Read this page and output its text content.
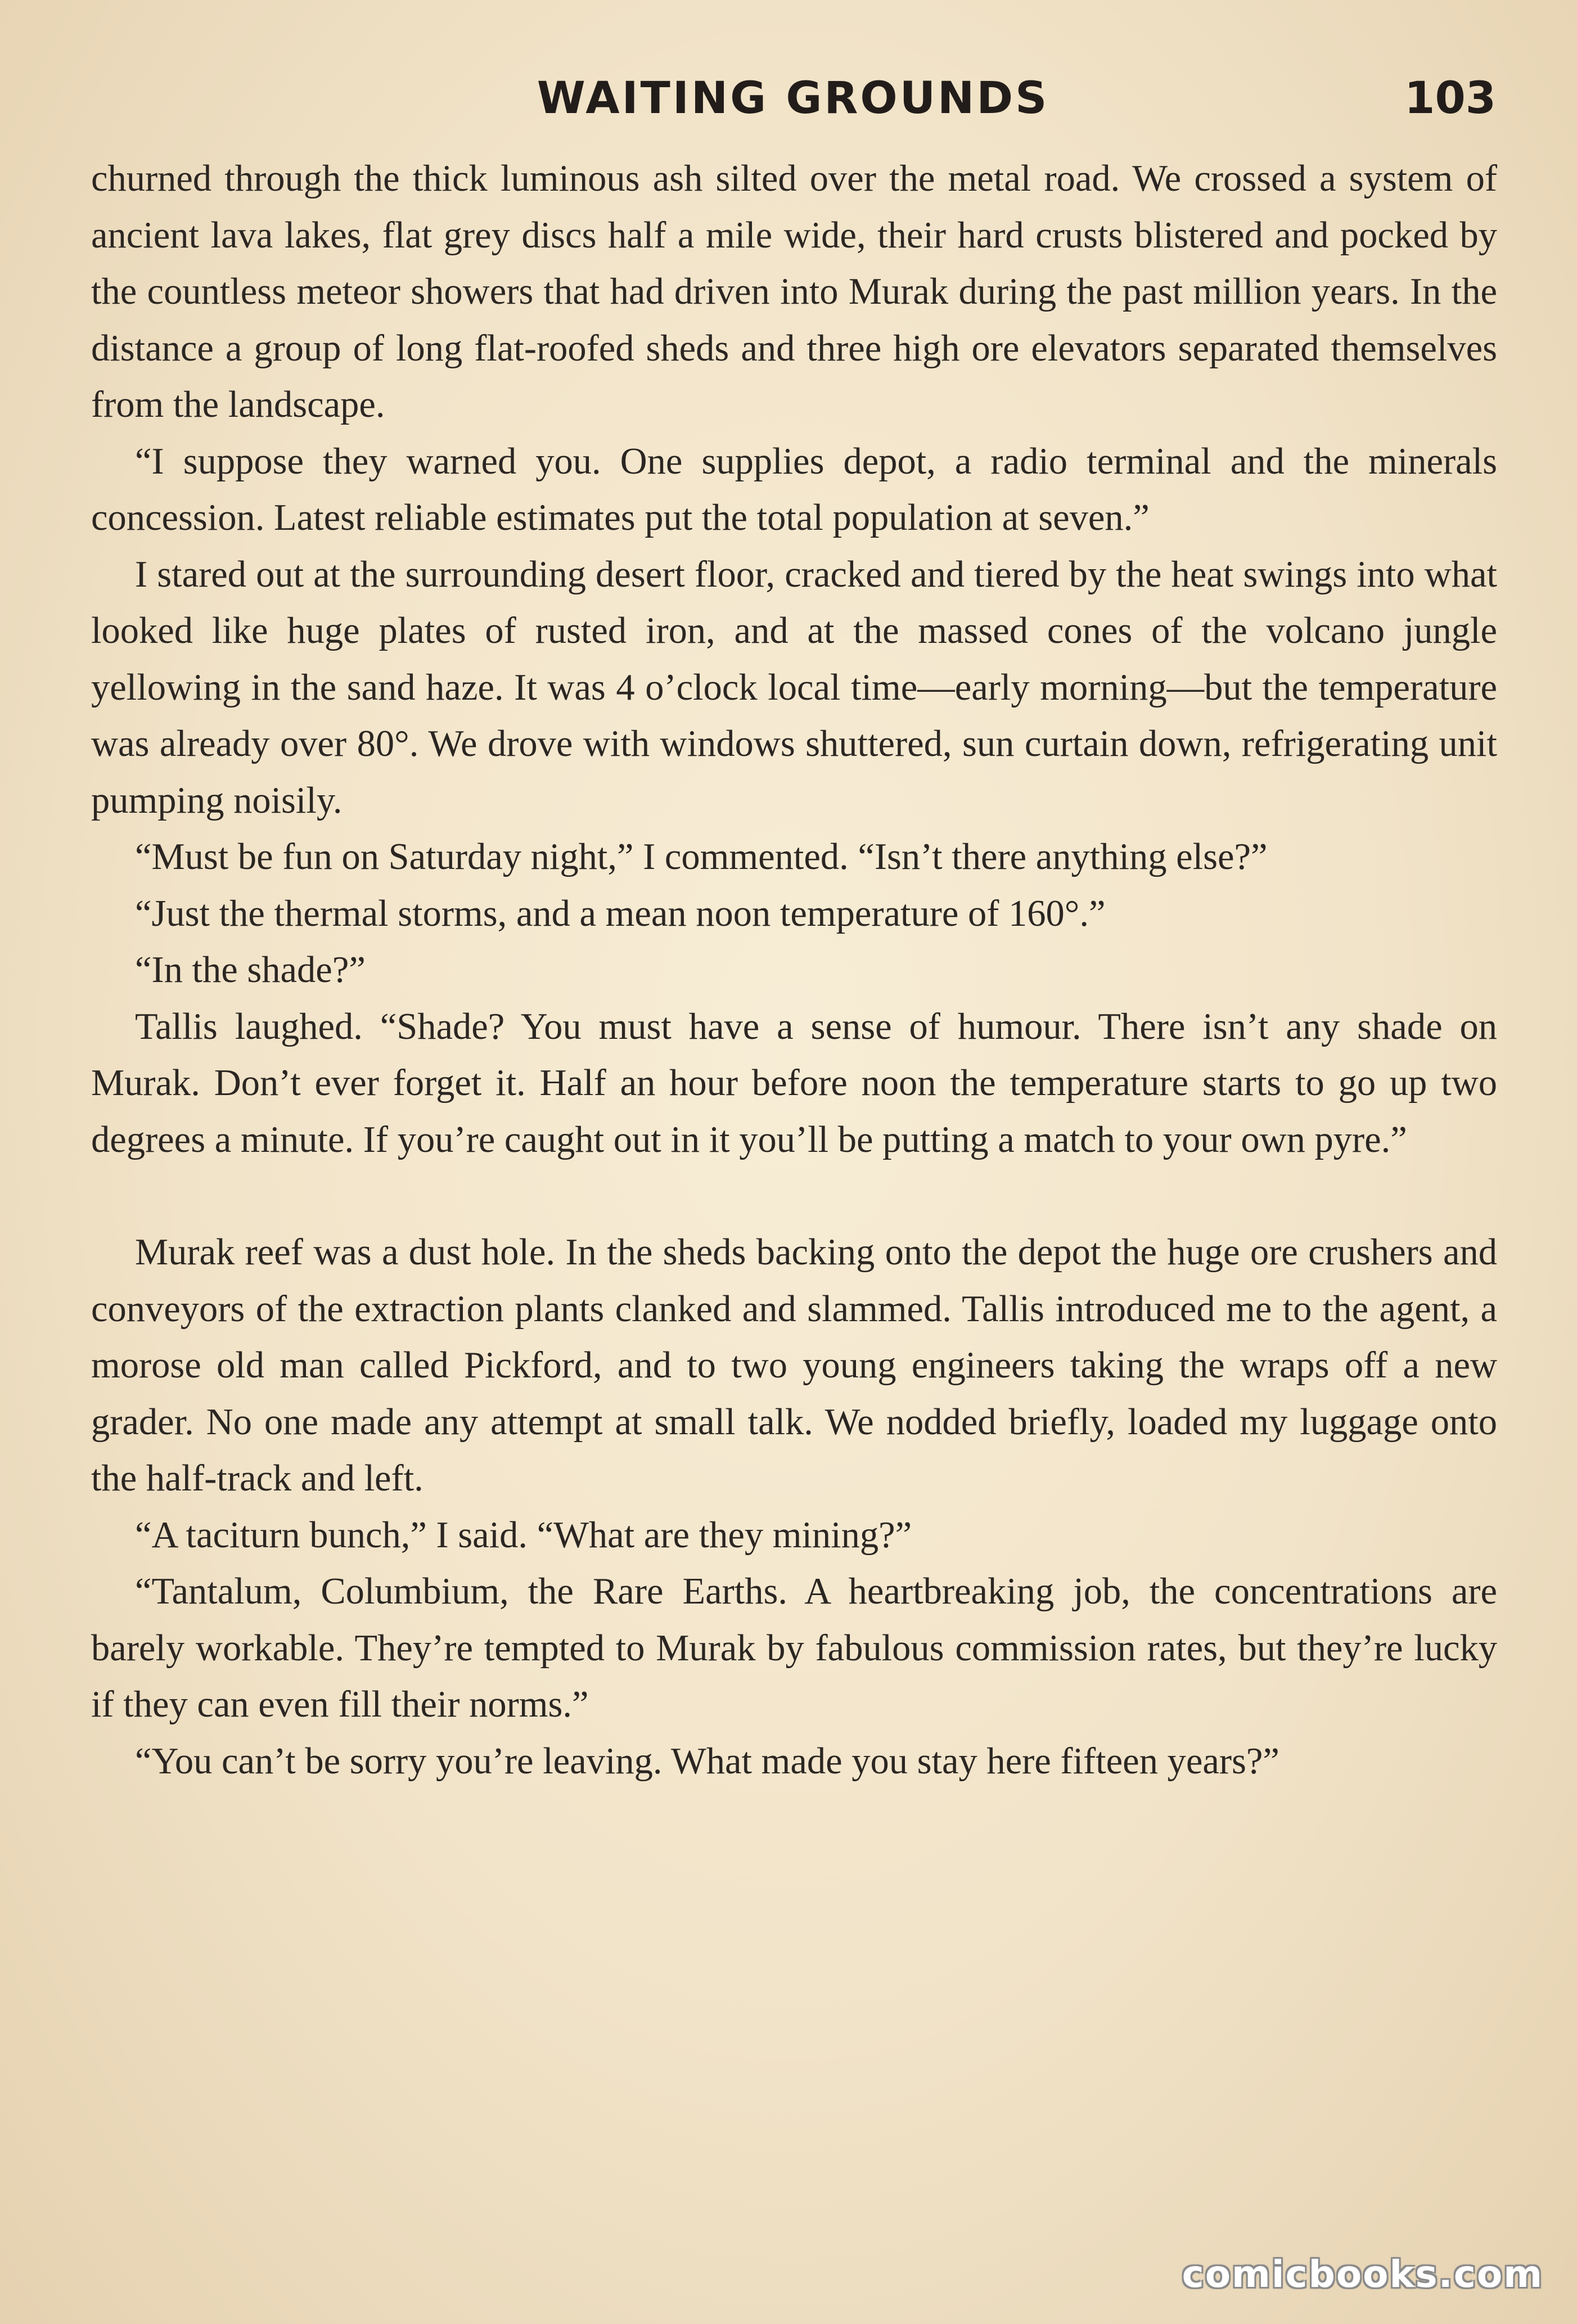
WAITING GROUNDS	103

churned through the thick luminous ash silted over the metal road. We crossed a system of ancient lava lakes, flat grey discs half a mile wide, their hard crusts blistered and pocked by the countless meteor showers that had driven into Murak during the past million years. In the distance a group of long flat-roofed sheds and three high ore elevators separated themselves from the landscape.

“I suppose they warned you. One supplies depot, a radio terminal and the minerals concession. Latest reliable estimates put the total population at seven.”

I stared out at the surrounding desert floor, cracked and tiered by the heat swings into what looked like huge plates of rusted iron, and at the massed cones of the volcano jungle yellowing in the sand haze. It was 4 o’clock local time—early morning—but the temperature was already over 80°. We drove with windows shuttered, sun curtain down, refrigerating unit pumping noisily.

“Must be fun on Saturday night,” I commented. “Isn’t there anything else?”

“Just the thermal storms, and a mean noon temperature of 160°.”

“In the shade?”

Tallis laughed. “Shade? You must have a sense of humour. There isn’t any shade on Murak. Don’t ever forget it. Half an hour before noon the temperature starts to go up two degrees a minute. If you’re caught out in it you’ll be putting a match to your own pyre.”

Murak reef was a dust hole. In the sheds backing onto the depot the huge ore crushers and conveyors of the extraction plants clanked and slammed. Tallis introduced me to the agent, a morose old man called Pickford, and to two young engineers taking the wraps off a new grader. No one made any attempt at small talk. We nodded briefly, loaded my luggage onto the half-track and left.

“A taciturn bunch,” I said. “What are they mining?”

“Tantalum, Columbium, the Rare Earths. A heartbreaking job, the concentrations are barely workable. They’re tempted to Murak by fabulous commission rates, but they’re lucky if they can even fill their norms.”

“You can’t be sorry you’re leaving. What made you stay here fifteen years?”

comicbooks.com
